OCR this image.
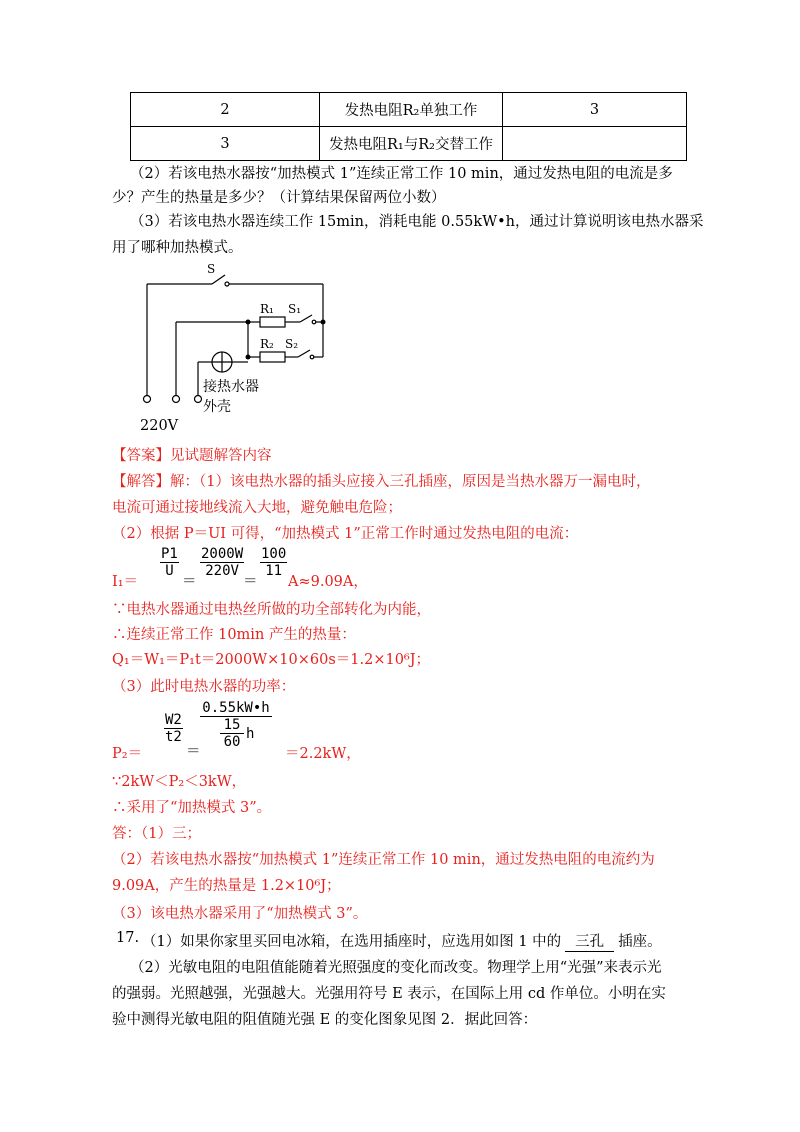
2	发热电阻R₂单独工作	3
3	发热电阻R₁与R₂交替工作	
（2）若该电热水器按“加热模式 1”连续正常工作 10 min，通过发热电阻的电流是多
少？产生的热量是多少？（计算结果保留两位小数）
（3）若该电热水器连续工作 15min，消耗电能 0.55kW•h，通过计算说明该电热水器采
用了哪种加热模式。
S
R₁ S₁
R₂ S₂
接热水器
外壳
220V
【答案】见试题解答内容
【解答】解：（1）该电热水器的插头应接入三孔插座，原因是当热水器万一漏电时，
电流可通过接地线流入大地，避免触电危险；
（2）根据 P＝UI 可得，“加热模式 1”正常工作时通过发热电阻的电流：
I₁＝
$\frac{P1}{U}$
＝
$\frac{2000W}{220V}$
＝
$\frac{100}{11}$
A≈9.09A，
∵电热水器通过电热丝所做的功全部转化为内能，
∴连续正常工作 10min 产生的热量：
Q₁＝W₁＝P₁t＝2000W×10×60s＝1.2×10⁶J；
（3）此时电热水器的功率：
P₂＝
$\frac{W2}{t2}$
＝ 0.55kW•h
15
60 h ＝2.2kW，
∵2kW＜P₂＜3kW，
∴采用了“加热模式 3”。
答：（1）三；
（2）若该电热水器按“加热模式 1”连续正常工作 10 min，通过发热电阻的电流约为
9.09A，产生的热量是 1.2×10⁶J；
（3）该电热水器采用了“加热模式 3”。
17. （1）如果你家里买回电冰箱，在选用插座时，应选用如图 1 中的 三孔 插座。
（2）光敏电阻的电阻值能随着光照强度的变化而改变。物理学上用“光强”来表示光
的强弱。光照越强，光强越大。光强用符号 E 表示，在国际上用 cd 作单位。小明在实
验中测得光敏电阻的阻值随光强 E 的变化图象见图 2．据此回答：
